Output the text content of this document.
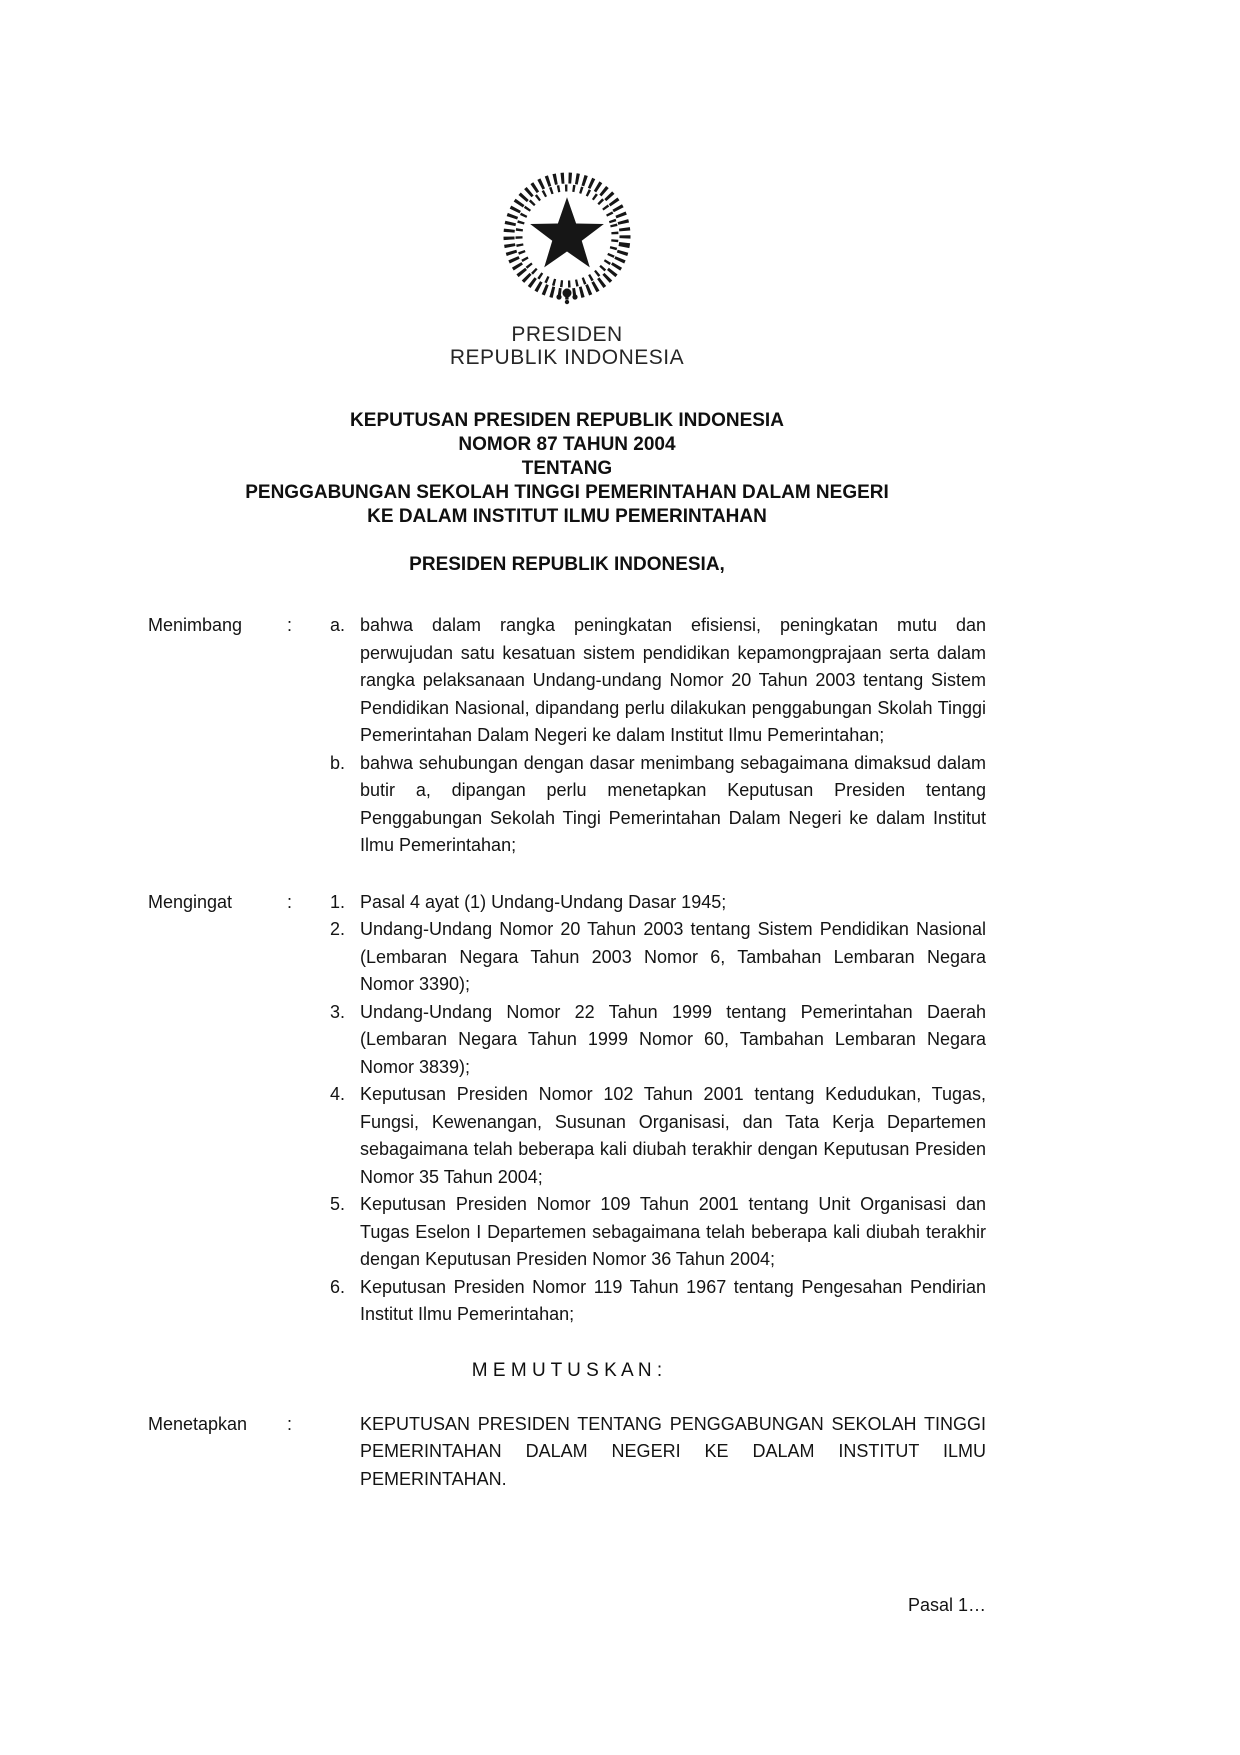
PRESIDEN
REPUBLIK INDONESIA
KEPUTUSAN PRESIDEN REPUBLIK INDONESIA
NOMOR 87 TAHUN 2004
TENTANG
PENGGABUNGAN SEKOLAH TINGGI PEMERINTAHAN DALAM NEGERI
KE DALAM INSTITUT ILMU PEMERINTAHAN
PRESIDEN REPUBLIK INDONESIA,
Menimbang	:	a. bahwa dalam rangka peningkatan efisiensi, peningkatan mutu dan perwujudan satu kesatuan sistem pendidikan kepamongprajaan serta dalam rangka pelaksanaan Undang-undang Nomor 20 Tahun 2003 tentang Sistem Pendidikan Nasional, dipandang perlu dilakukan penggabungan Skolah Tinggi Pemerintahan Dalam Negeri ke dalam Institut Ilmu Pemerintahan;

b. bahwa sehubungan dengan dasar menimbang sebagaimana dimaksud dalam butir a, dipangan perlu menetapkan Keputusan Presiden tentang Penggabungan Sekolah Tingi Pemerintahan Dalam Negeri ke dalam Institut Ilmu Pemerintahan;

Mengingat	:	1. Pasal 4 ayat (1) Undang-Undang Dasar 1945;

2. Undang-Undang Nomor 20 Tahun 2003 tentang Sistem Pendidikan Nasional (Lembaran Negara Tahun 2003 Nomor 6, Tambahan Lembaran Negara Nomor 3390);

3. Undang-Undang Nomor 22 Tahun 1999 tentang Pemerintahan Daerah (Lembaran Negara Tahun 1999 Nomor 60, Tambahan Lembaran Negara Nomor 3839);

4. Keputusan Presiden Nomor 102 Tahun 2001 tentang Kedudukan, Tugas, Fungsi, Kewenangan, Susunan Organisasi, dan Tata Kerja Departemen sebagaimana telah beberapa kali diubah terakhir dengan Keputusan Presiden Nomor 35 Tahun 2004;

5. Keputusan Presiden Nomor 109 Tahun 2001 tentang Unit Organisasi dan Tugas Eselon I Departemen sebagaimana telah beberapa kali diubah terakhir dengan Keputusan Presiden Nomor 36 Tahun 2004;

6. Keputusan Presiden Nomor 119 Tahun 1967 tentang Pengesahan Pendirian Institut Ilmu Pemerintahan;

M E M U T U S K A N :
Menetapkan	:	KEPUTUSAN PRESIDEN TENTANG PENGGABUNGAN SEKOLAH TINGGI PEMERINTAHAN DALAM NEGERI KE DALAM INSTITUT ILMU PEMERINTAHAN.

Pasal 1…
